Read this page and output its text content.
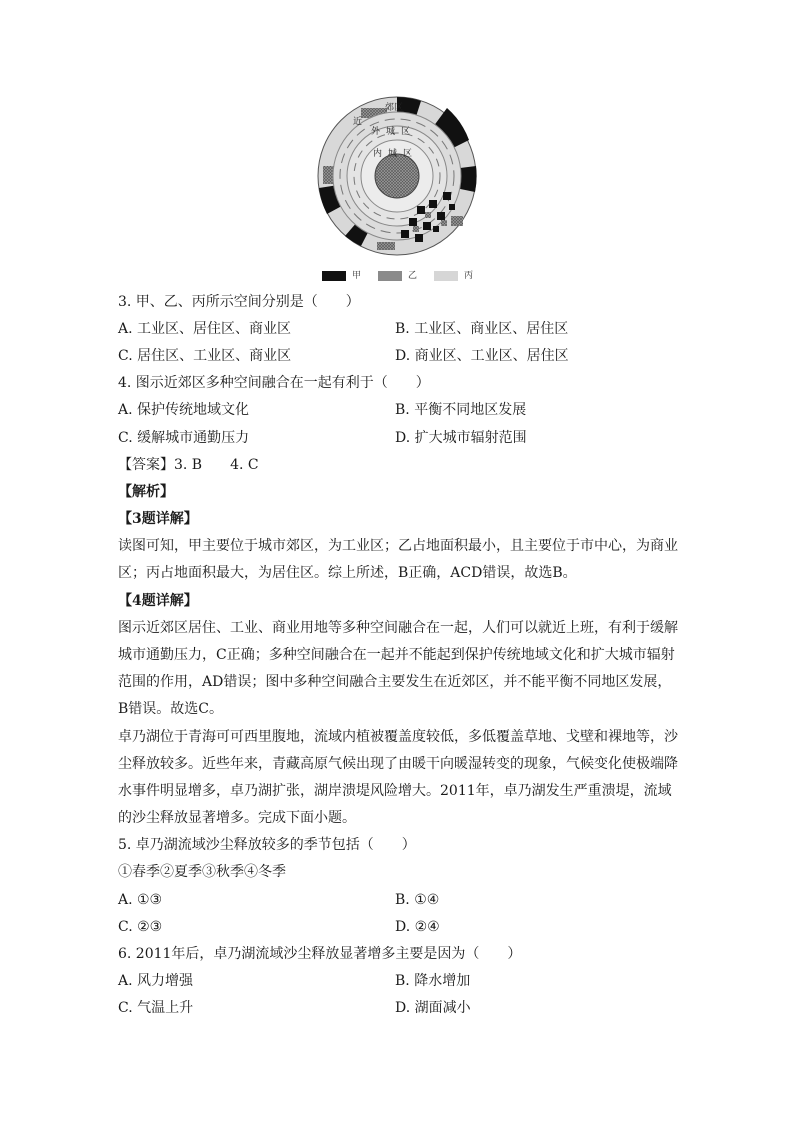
郊区
近
外城区
内城区
甲	乙	丙
3. 甲、乙、丙所示空间分别是（　　）
A. 工业区、居住区、商业区	B. 工业区、商业区、居住区
C. 居住区、工业区、商业区	D. 商业区、工业区、居住区
4. 图示近郊区多种空间融合在一起有利于（　　）
A. 保护传统地域文化	B. 平衡不同地区发展
C. 缓解城市通勤压力	D. 扩大城市辐射范围
【答案】3. B　　4. C
【解析】
【3题详解】
读图可知，甲主要位于城市郊区，为工业区；乙占地面积最小，且主要位于市中心，为商业区；丙占地面积最大，为居住区。综上所述，B正确，ACD错误，故选B。
【4题详解】
图示近郊区居住、工业、商业用地等多种空间融合在一起，人们可以就近上班，有利于缓解城市通勤压力，C正确；多种空间融合在一起并不能起到保护传统地域文化和扩大城市辐射范围的作用，AD错误；图中多种空间融合主要发生在近郊区，并不能平衡不同地区发展，B错误。故选C。
卓乃湖位于青海可可西里腹地，流域内植被覆盖度较低，多低覆盖草地、戈壁和裸地等，沙尘释放较多。近些年来，青藏高原气候出现了由暖干向暖湿转变的现象，气候变化使极端降水事件明显增多，卓乃湖扩张，湖岸溃堤风险增大。2011年，卓乃湖发生严重溃堤，流域的沙尘释放显著增多。完成下面小题。
5. 卓乃湖流域沙尘释放较多的季节包括（　　）
①春季②夏季③秋季④冬季
A. ①③	B. ①④
C. ②③	D. ②④
6. 2011年后，卓乃湖流域沙尘释放显著增多主要是因为（　　）
A. 风力增强	B. 降水增加
C. 气温上升	D. 湖面减小
